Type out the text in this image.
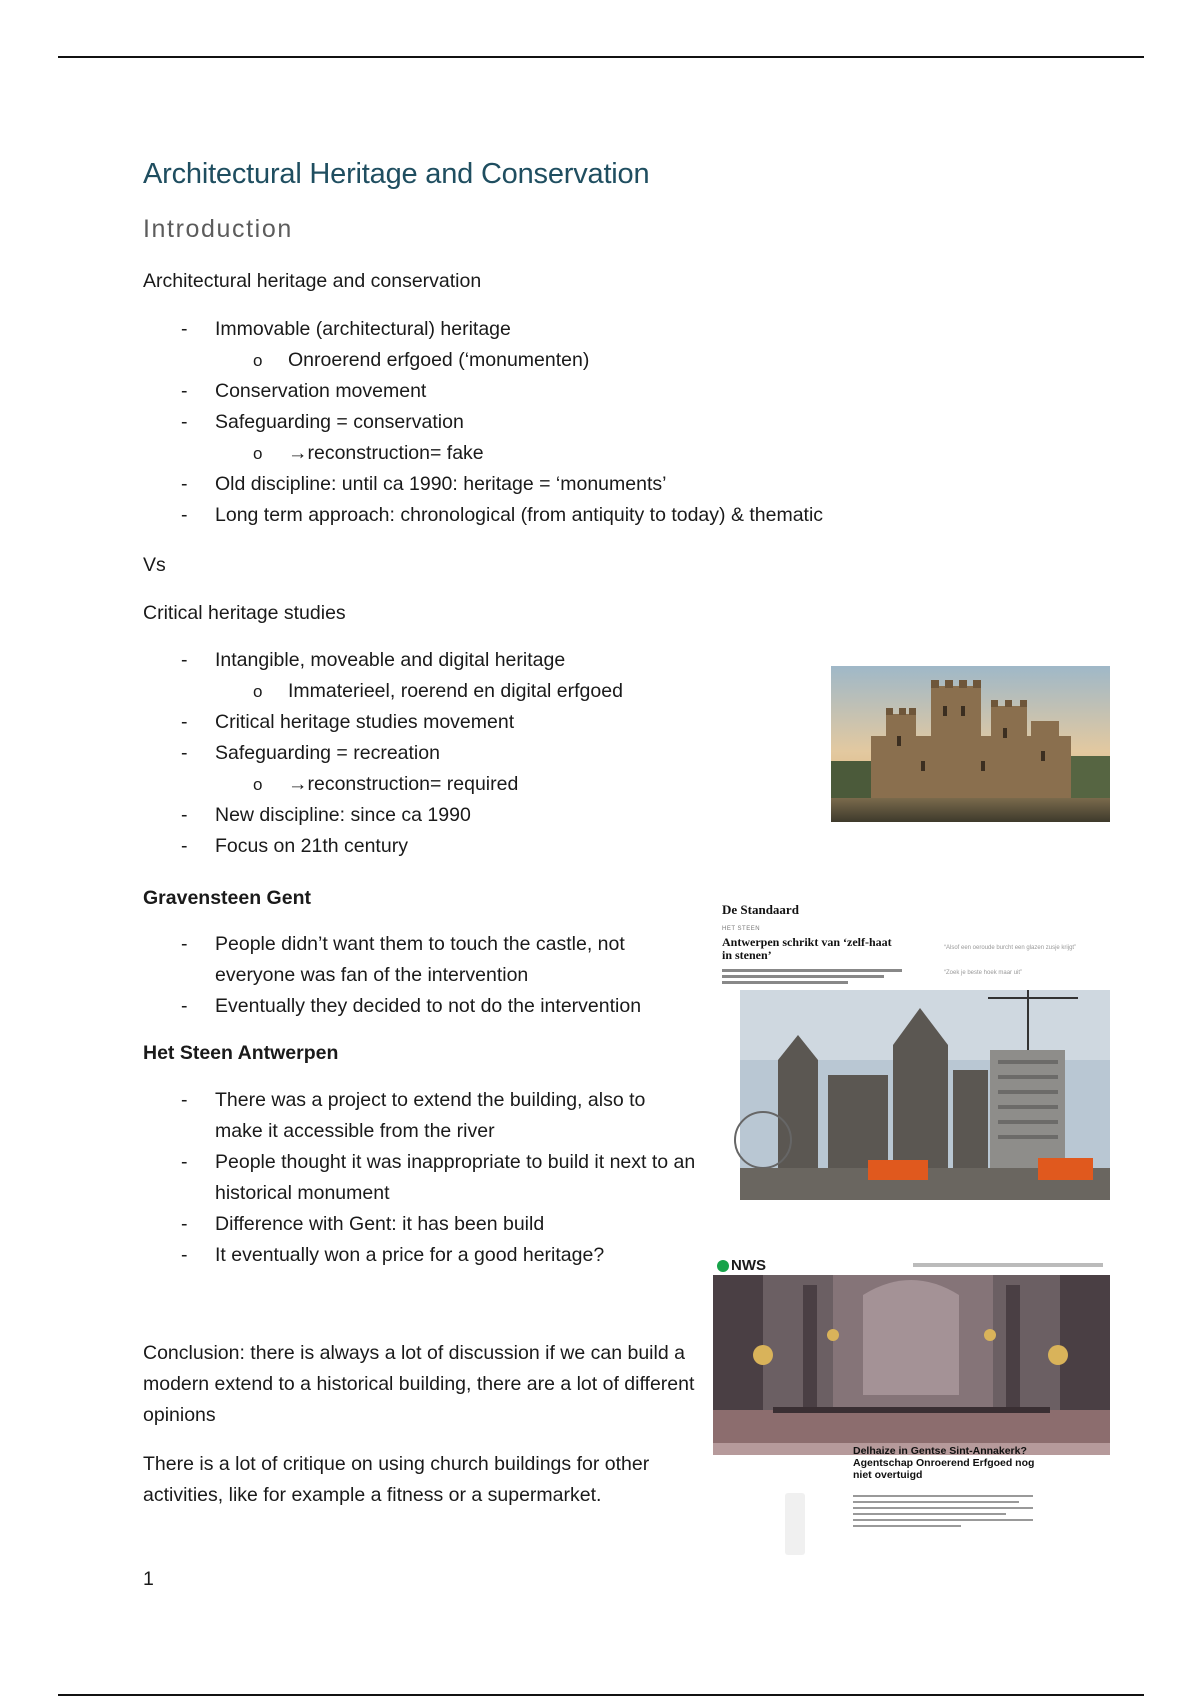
Architectural Heritage and Conservation
Introduction

Architectural heritage and conservation

- Immovable (architectural) heritage
o Onroerend erfgoed (‘monumenten)
- Conservation movement
- Safeguarding = conservation
o →reconstruction= fake
- Old discipline: until ca 1990: heritage = ‘monuments’
- Long term approach: chronological (from antiquity to today) & thematic

Vs

Critical heritage studies

- Intangible, moveable and digital heritage
o Immaterieel, roerend en digital erfgoed
- Critical heritage studies movement
- Safeguarding = recreation
o →reconstruction= required
- New discipline: since ca 1990
- Focus on 21th century

Gravensteen Gent

- People didn’t want them to touch the castle, not everyone was fan of the intervention
- Eventually they decided to not do the intervention

Het Steen Antwerpen

- There was a project to extend the building, also to make it accessible from the river
- People thought it was inappropriate to build it next to an historical monument
- Difference with Gent: it has been build
- It eventually won a price for a good heritage?
De Standaard
HET STEEN
Antwerpen schrikt van ‘zelf-haat in stenen’	“Alsof een oeroude burcht een glazen zusje krijgt”
“Zoek je beste hoek maar uit”
NWS
Delhaize in Gentse Sint-Annakerk? Agentschap Onroerend Erfgoed nog niet overtuigd

Conclusion: there is always a lot of discussion if we can build a modern extend to a historical building, there are a lot of different opinions

There is a lot of critique on using church buildings for other activities, like for example a fitness or a supermarket.

1
